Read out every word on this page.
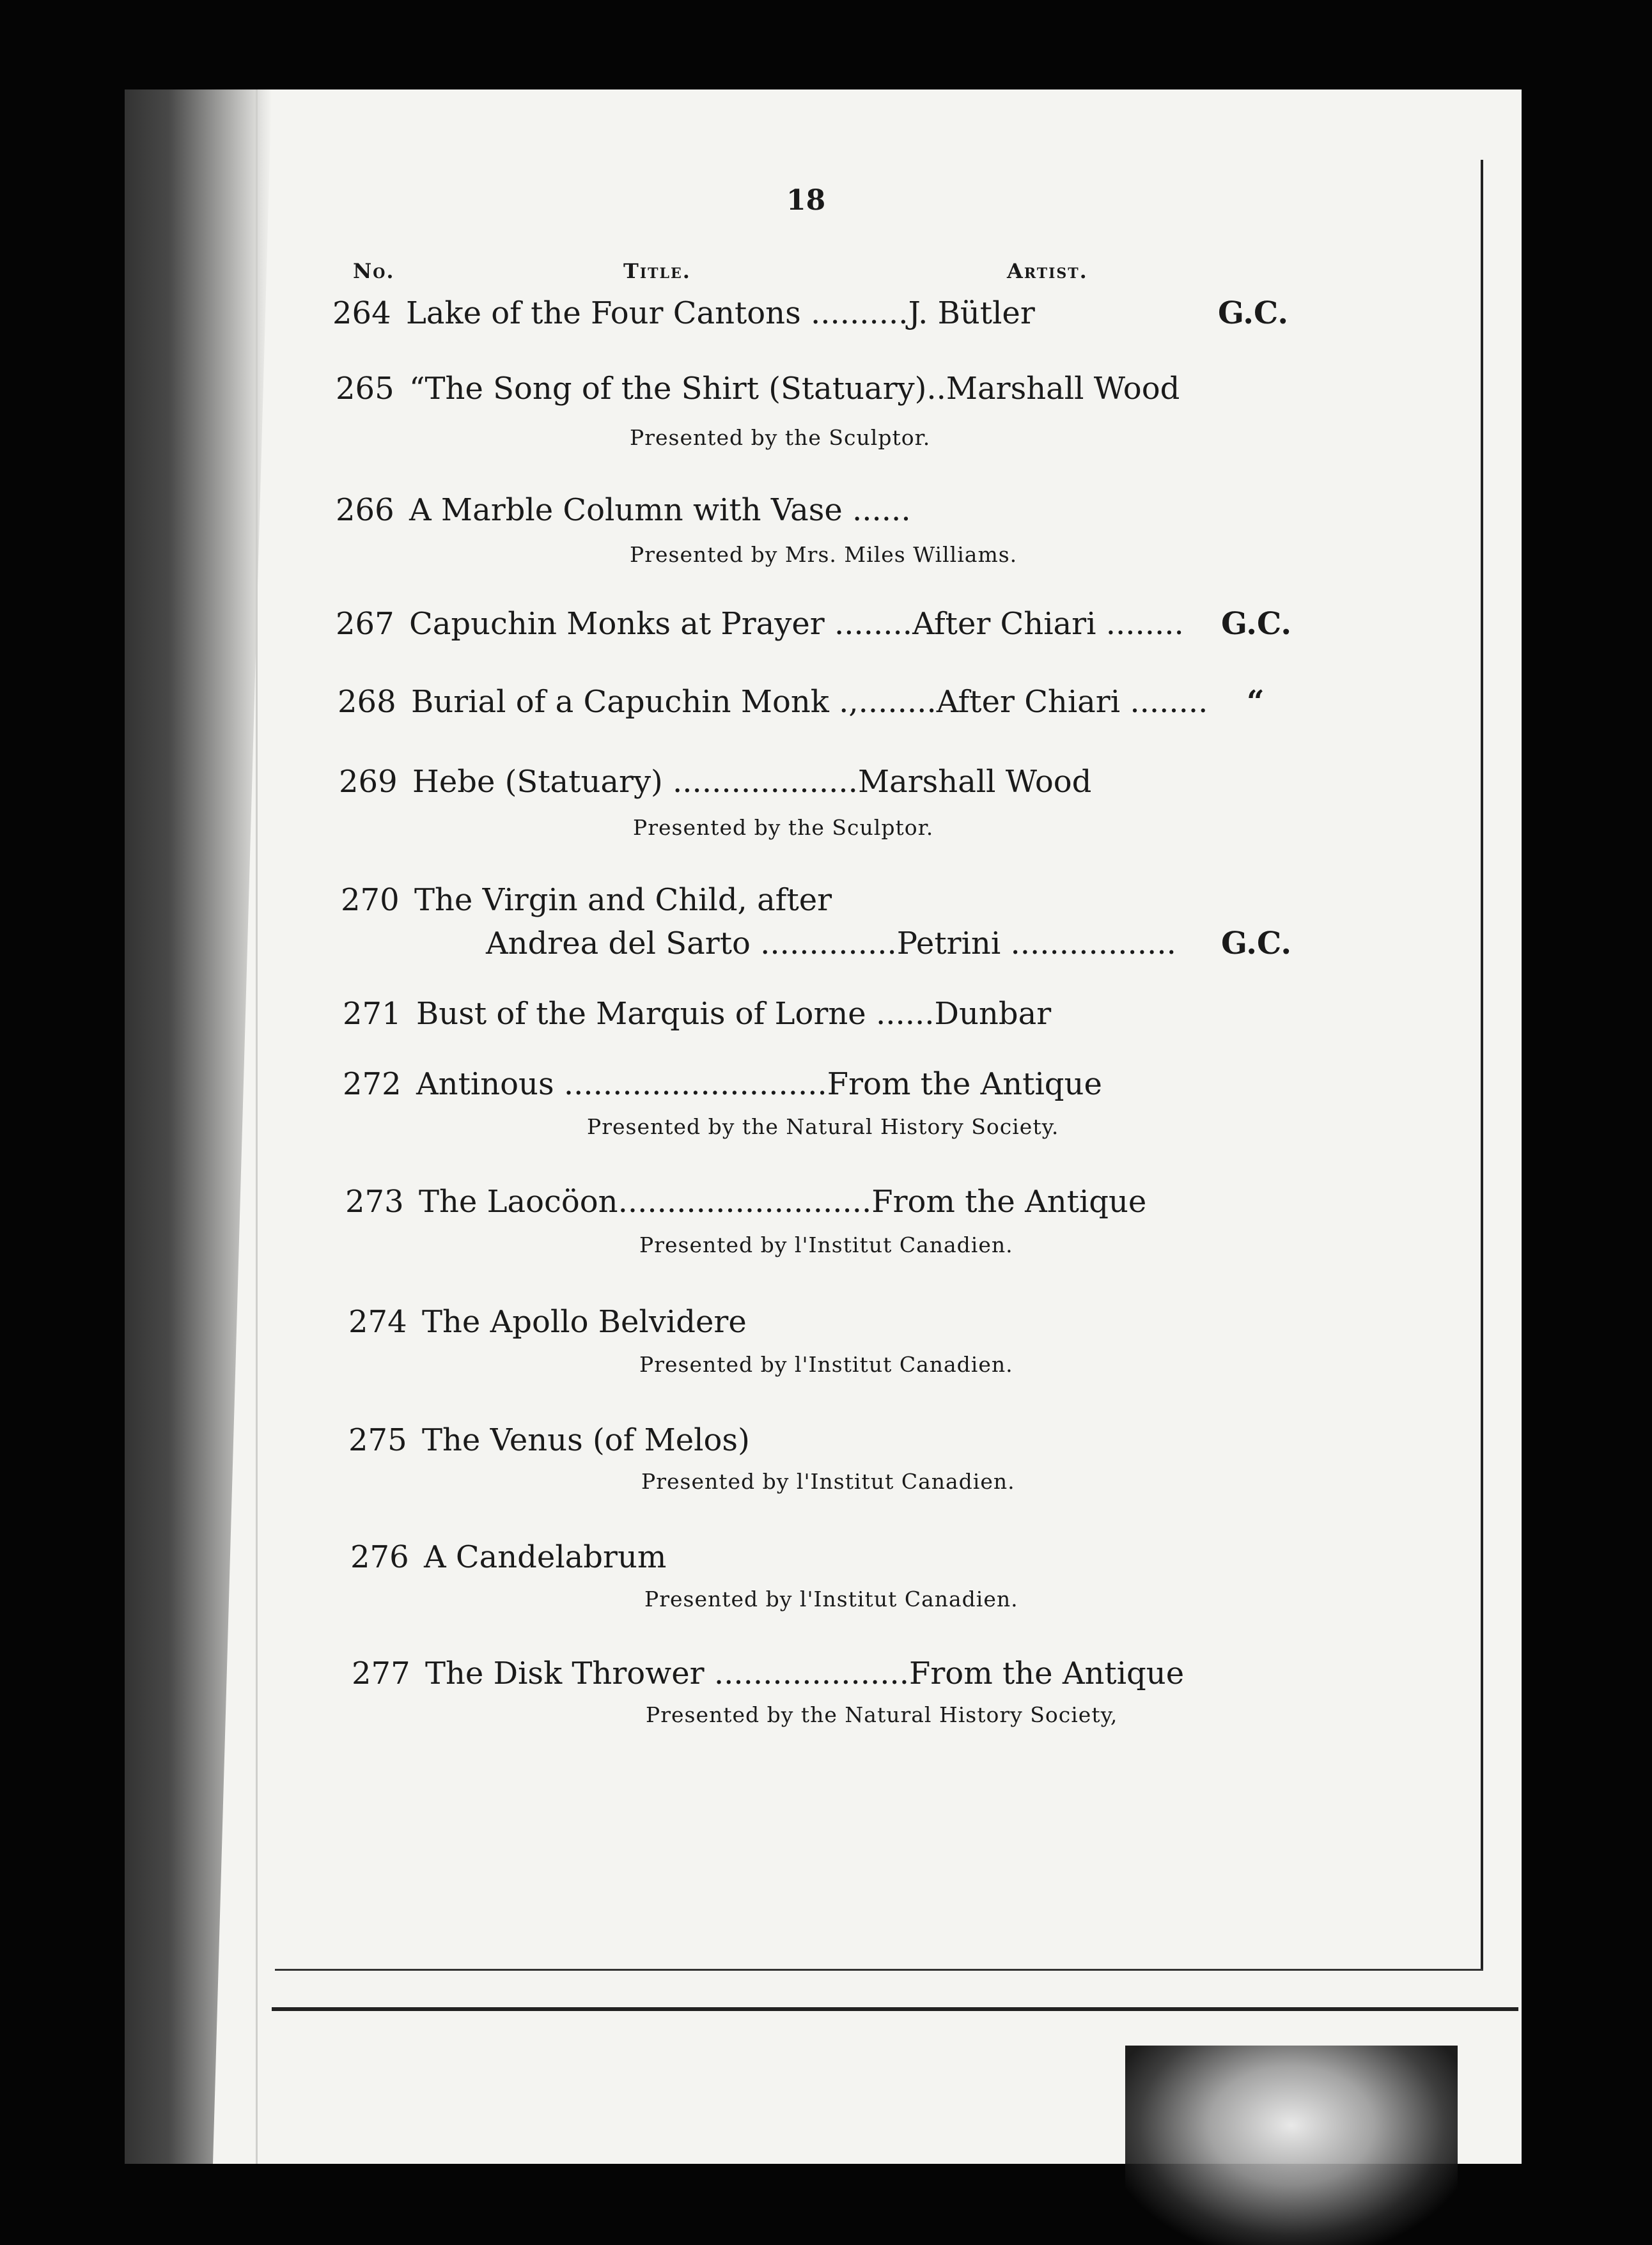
18
No.	Title.	Artist.
264 Lake of the Four Cantons ..........J. Bütler	G.C.
265 “The Song of the Shirt (Statuary)..Marshall Wood
Presented by the Sculptor.
266 A Marble Column with Vase ......
Presented by Mrs. Miles Williams.
267 Capuchin Monks at Prayer ........After Chiari ........ G.C.
268 Burial of a Capuchin Monk .,........After Chiari ........ “
269 Hebe (Statuary) ...................Marshall Wood
Presented by the Sculptor.
270 The Virgin and Child, after
Andrea del Sarto ..............Petrini ................. G.C.
271 Bust of the Marquis of Lorne ......Dunbar
272 Antinous ...........................From the Antique
Presented by the Natural History Society.
273 The Laocöon..........................From the Antique
Presented by l'Institut Canadien.
274 The Apollo Belvidere
Presented by l'Institut Canadien.
275 The Venus (of Melos)
Presented by l'Institut Canadien.
276 A Candelabrum
Presented by l'Institut Canadien.
277 The Disk Thrower ....................From the Antique
Presented by the Natural History Society,
